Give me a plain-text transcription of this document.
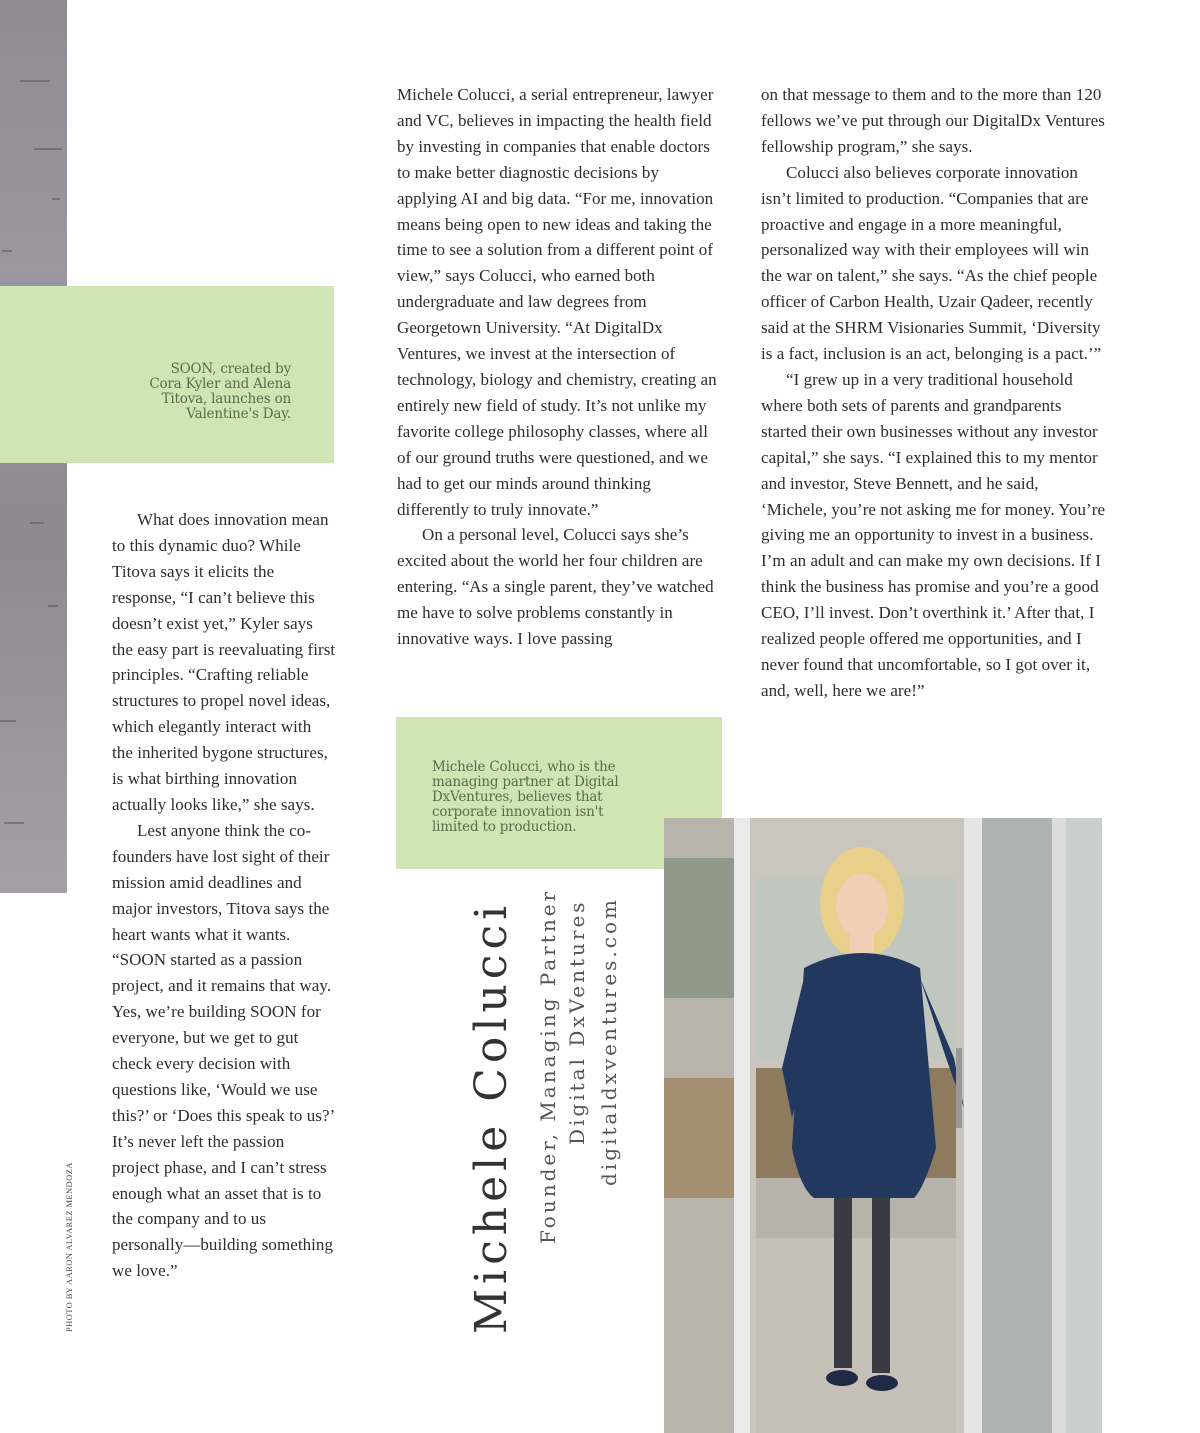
SOON, created by

Cora Kyler and Alena

Titova, launches on

Valentine's Day.

Michele Colucci, who is the

managing partner at Digital

DxVentures, believes that

corporate innovation isn't

limited to production.

What does innovation mean to this dynamic duo? While Titova says it elicits the response, “I can’t believe this doesn’t exist yet,” Kyler says the easy part is reevaluating first principles. “Crafting reliable structures to propel novel ideas, which elegantly interact with the inherited bygone structures, is what birthing innovation actually looks like,” she says.

Lest anyone think the co-founders have lost sight of their mission amid deadlines and major investors, Titova says the heart wants what it wants. “SOON started as a passion project, and it remains that way. Yes, we’re building SOON for everyone, but we get to gut check every decision with questions like, ‘Would we use this?’ or ‘Does this speak to us?’ It’s never left the passion project phase, and I can’t stress enough what an asset that is to the company and to us personally—building something we love.”

Michele Colucci, a serial entrepreneur, lawyer and VC, believes in impacting the health field by investing in companies that enable doctors to make better diagnostic decisions by applying AI and big data. “For me, innovation means being open to new ideas and taking the time to see a solution from a different point of view,” says Colucci, who earned both undergraduate and law degrees from Georgetown University. “At DigitalDx Ventures, we invest at the intersection of technology, biology and chemistry, creating an entirely new field of study. It’s not unlike my favorite college philosophy classes, where all of our ground truths were questioned, and we had to get our minds around thinking differently to truly innovate.”

On a personal level, Colucci says she’s excited about the world her four children are entering. “As a single parent, they’ve watched me have to solve problems constantly in innovative ways. I love passing

on that message to them and to the more than 120 fellows we’ve put through our DigitalDx Ventures fellowship program,” she says.

Colucci also believes corporate innovation isn’t limited to production. “Companies that are proactive and engage in a more meaningful, personalized way with their employees will win the war on talent,” she says. “As the chief people officer of Carbon Health, Uzair Qadeer, recently said at the SHRM Visionaries Summit, ‘Diversity is a fact, inclusion is an act, belonging is a pact.’”

“I grew up in a very traditional household where both sets of parents and grandparents started their own businesses without any investor capital,” she says. “I explained this to my mentor and investor, Steve Bennett, and he said, ‘Michele, you’re not asking me for money. You’re giving me an opportunity to invest in a business. I’m an adult and can make my own decisions. If I think the business has promise and you’re a good CEO, I’ll invest. Don’t overthink it.’ After that, I realized people offered me opportunities, and I never found that uncomfortable, so I got over it, and, well, here we are!”

PHOTO BY AARON ALVAREZ MENDOZA	Michele Colucci Founder, Managing Partner Digital DxVentures digitaldxventures.com
